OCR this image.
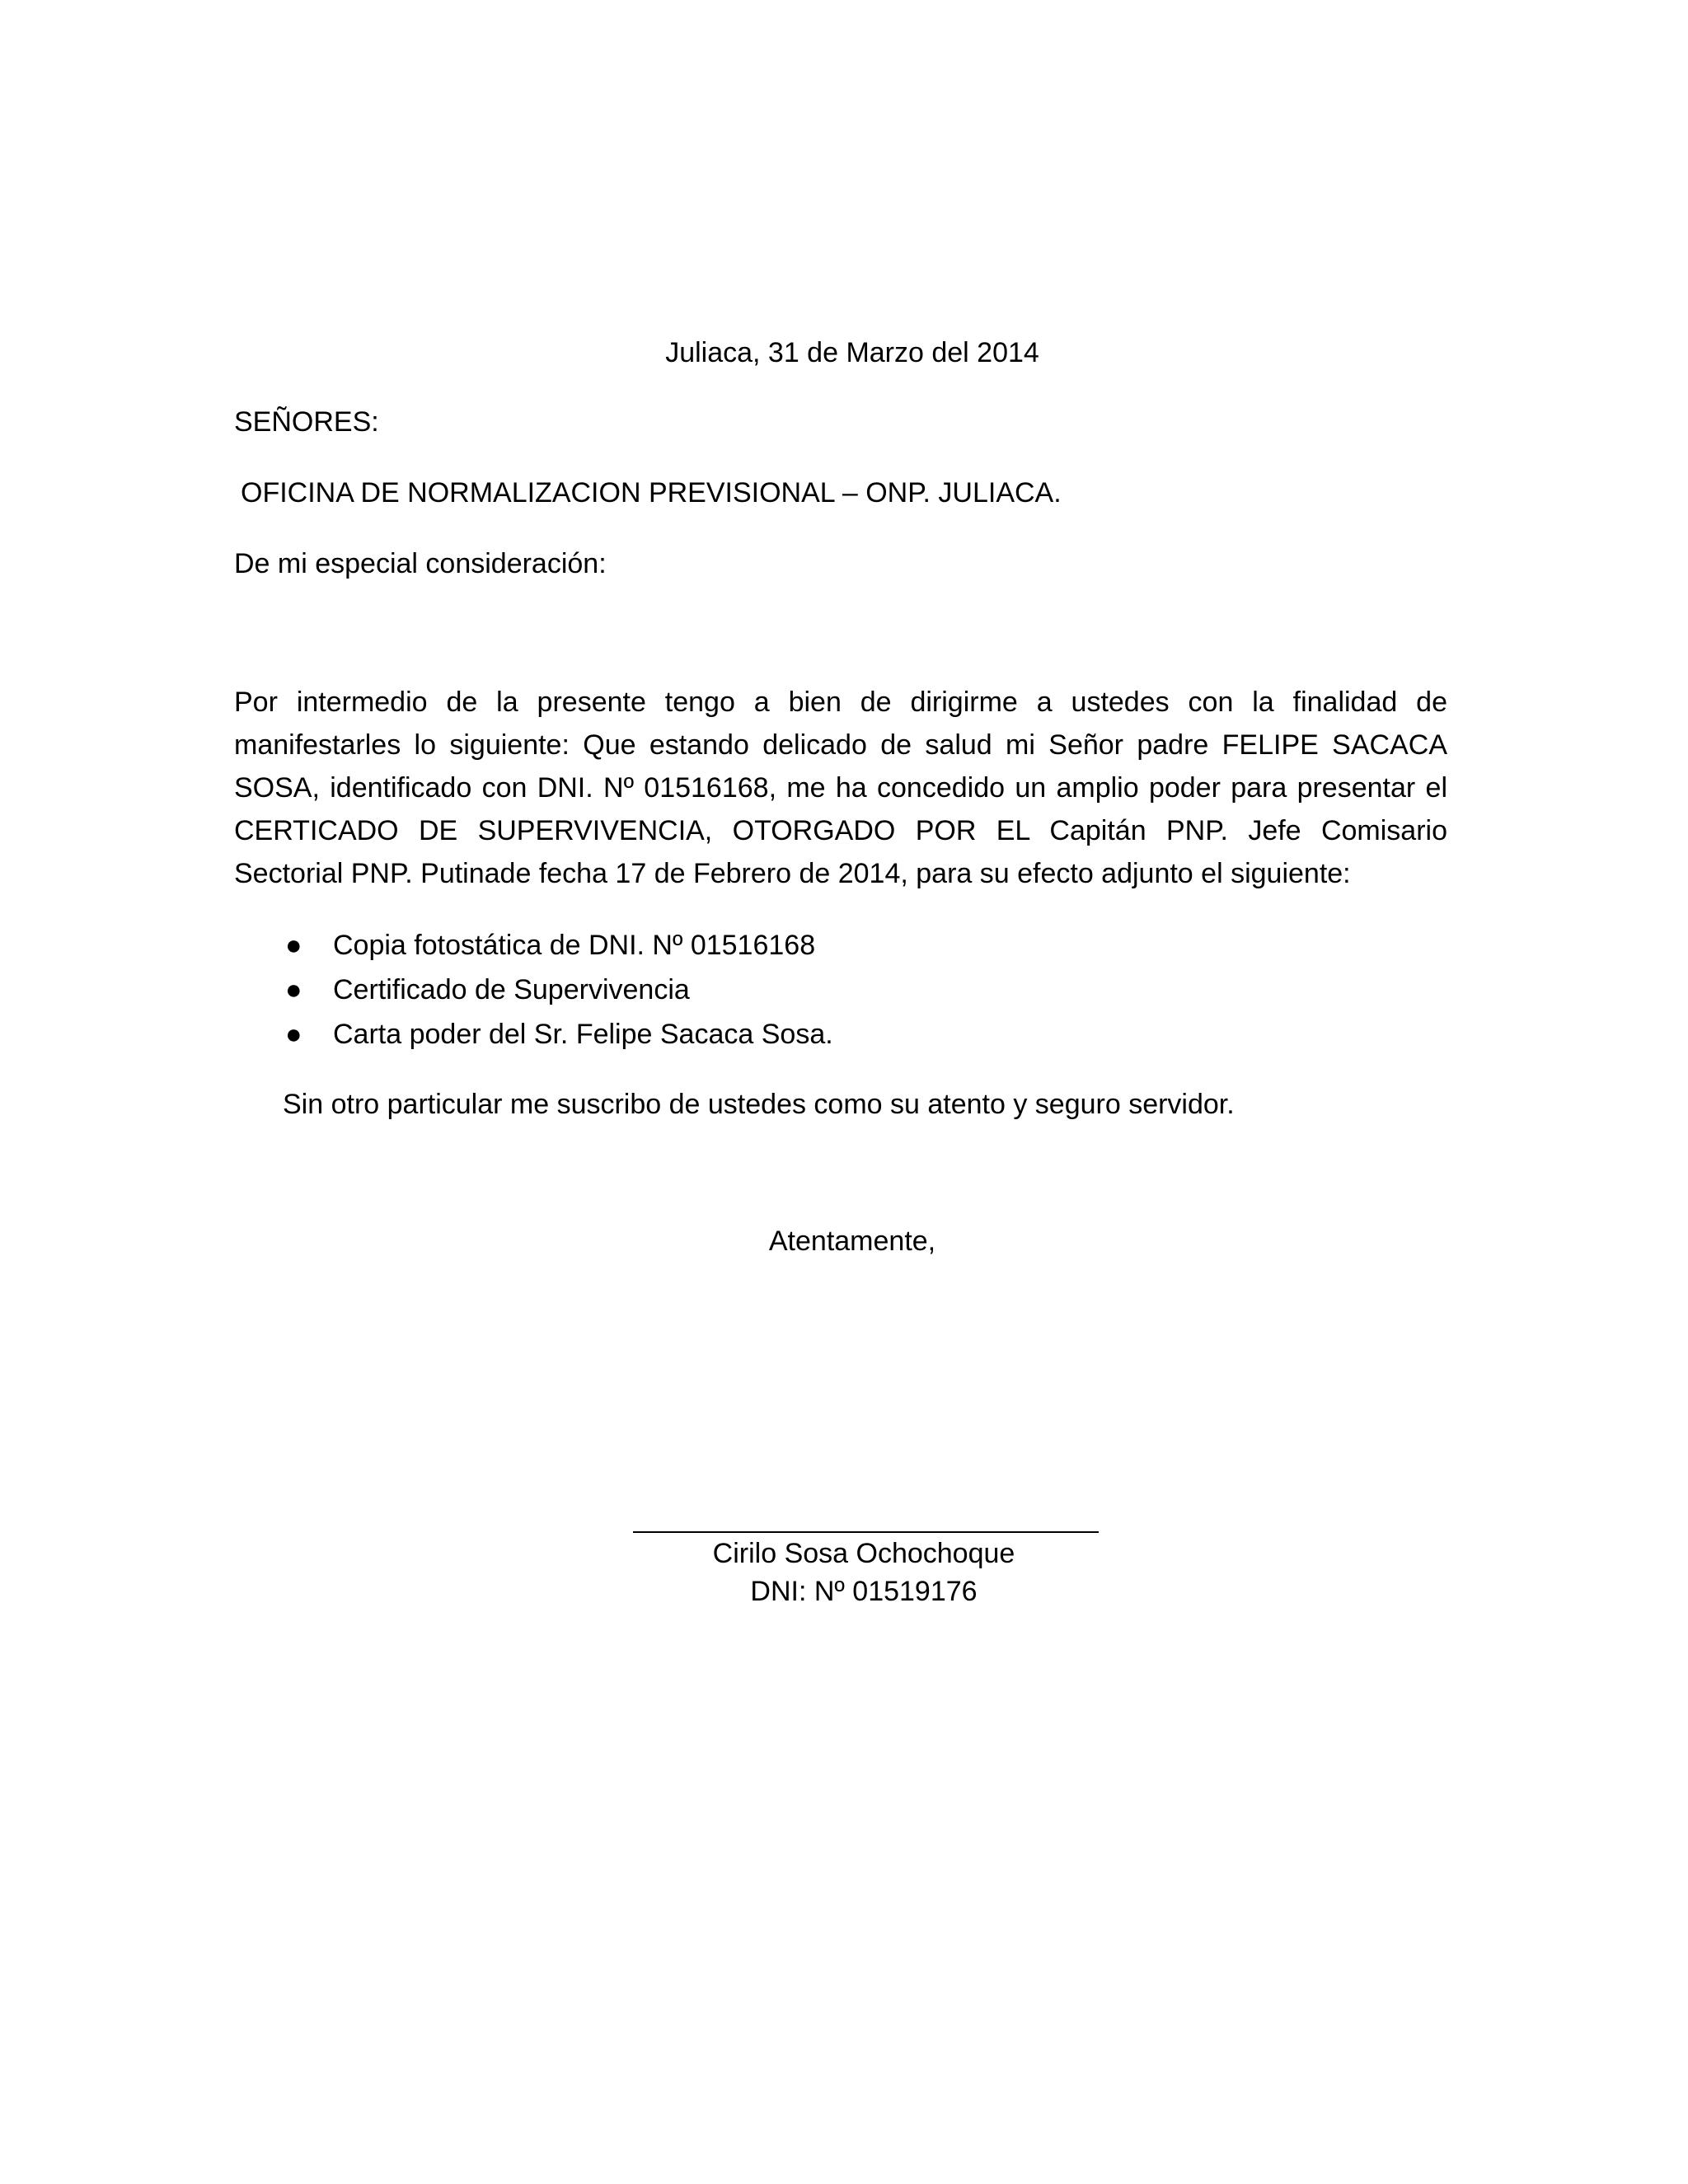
Juliaca, 31 de Marzo del 2014
SEÑORES:
OFICINA DE NORMALIZACION PREVISIONAL – ONP. JULIACA.
De mi especial consideración:
Por intermedio de la presente tengo a bien de dirigirme a ustedes con la finalidad de manifestarles lo siguiente: Que estando delicado de salud mi Señor padre FELIPE SACACA SOSA, identificado con DNI. Nº 01516168, me ha concedido un amplio poder para presentar el CERTICADO DE SUPERVIVENCIA, OTORGADO POR EL Capitán PNP. Jefe Comisario Sectorial PNP. Putinade fecha 17 de Febrero de 2014, para su efecto adjunto el siguiente:
● Copia fotostática de DNI. Nº 01516168
● Certificado de Supervivencia
● Carta poder del Sr. Felipe Sacaca Sosa.
Sin otro particular me suscribo de ustedes como su atento y seguro servidor.
Atentamente,
Cirilo Sosa Ochochoque
DNI: Nº 01519176
